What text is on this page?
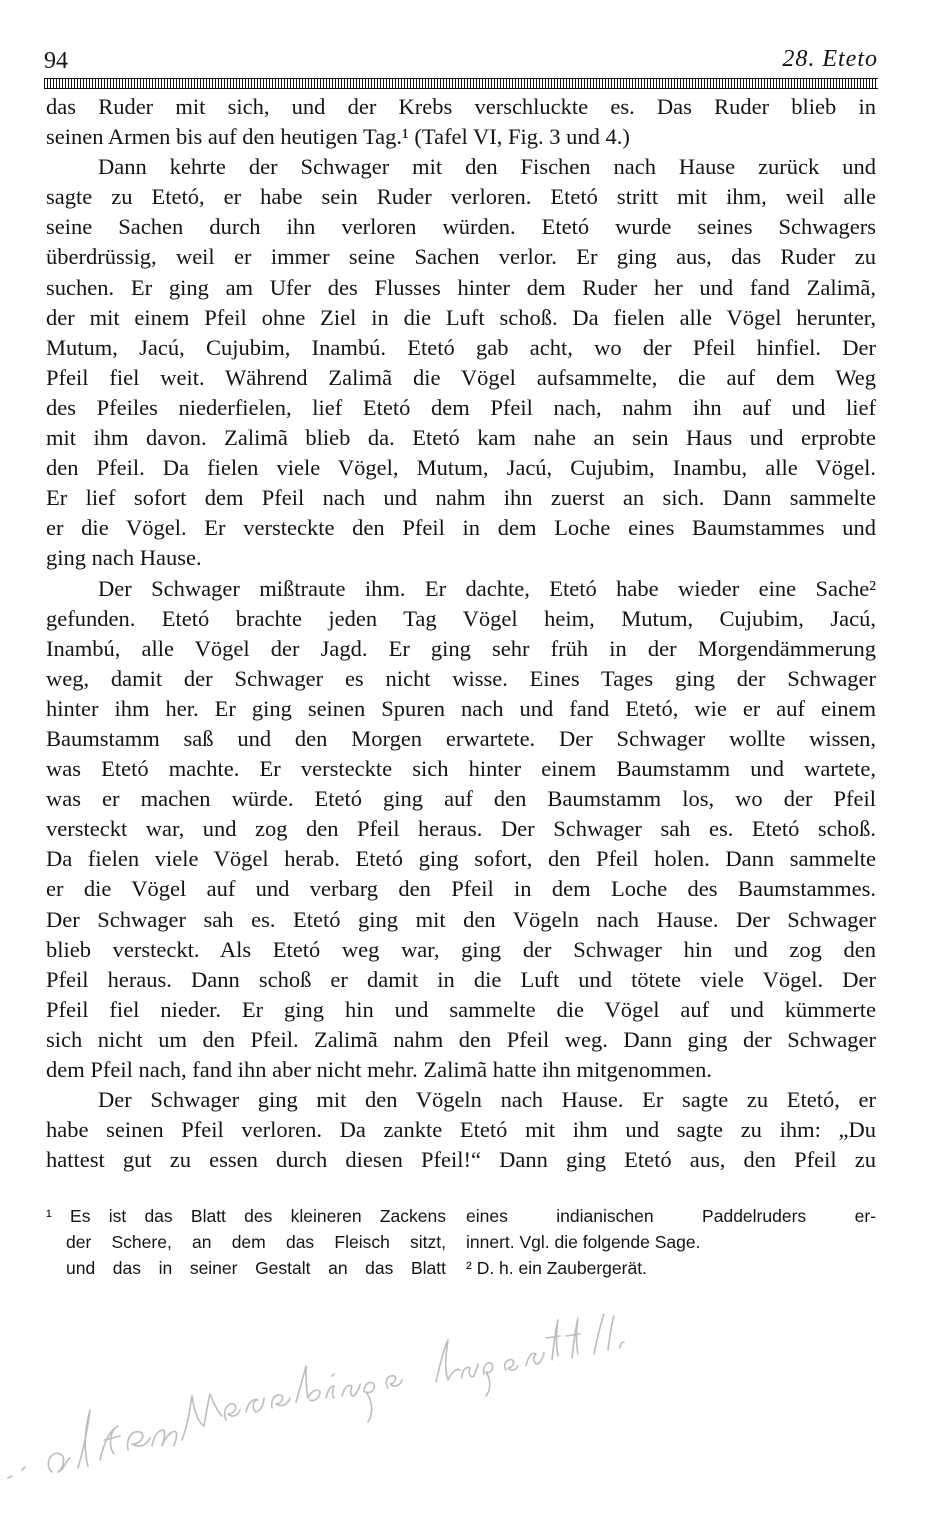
94	28. Eteto
das Ruder mit sich, und der Krebs verschluckte es. Das Ruder blieb in
seinen Armen bis auf den heutigen Tag.¹ (Tafel VI, Fig. 3 und 4.)
Dann kehrte der Schwager mit den Fischen nach Hause zurück und
sagte zu Etetó, er habe sein Ruder verloren. Etetó stritt mit ihm, weil alle
seine Sachen durch ihn verloren würden. Etetó wurde seines Schwagers
überdrüssig, weil er immer seine Sachen verlor. Er ging aus, das Ruder zu
suchen. Er ging am Ufer des Flusses hinter dem Ruder her und fand Zalimã,
der mit einem Pfeil ohne Ziel in die Luft schoß. Da fielen alle Vögel herunter,
Mutum, Jacú, Cujubim, Inambú. Etetó gab acht, wo der Pfeil hinfiel. Der
Pfeil fiel weit. Während Zalimã die Vögel aufsammelte, die auf dem Weg
des Pfeiles niederfielen, lief Etetó dem Pfeil nach, nahm ihn auf und lief
mit ihm davon. Zalimã blieb da. Etetó kam nahe an sein Haus und erprobte
den Pfeil. Da fielen viele Vögel, Mutum, Jacú, Cujubim, Inambu, alle Vögel.
Er lief sofort dem Pfeil nach und nahm ihn zuerst an sich. Dann sammelte
er die Vögel. Er versteckte den Pfeil in dem Loche eines Baumstammes und
ging nach Hause.
Der Schwager mißtraute ihm. Er dachte, Etetó habe wieder eine Sache²
gefunden. Etetó brachte jeden Tag Vögel heim, Mutum, Cujubim, Jacú,
Inambú, alle Vögel der Jagd. Er ging sehr früh in der Morgendämmerung
weg, damit der Schwager es nicht wisse. Eines Tages ging der Schwager
hinter ihm her. Er ging seinen Spuren nach und fand Etetó, wie er auf einem
Baumstamm saß und den Morgen erwartete. Der Schwager wollte wissen,
was Etetó machte. Er versteckte sich hinter einem Baumstamm und wartete,
was er machen würde. Etetó ging auf den Baumstamm los, wo der Pfeil
versteckt war, und zog den Pfeil heraus. Der Schwager sah es. Etetó schoß.
Da fielen viele Vögel herab. Etetó ging sofort, den Pfeil holen. Dann sammelte
er die Vögel auf und verbarg den Pfeil in dem Loche des Baumstammes.
Der Schwager sah es. Etetó ging mit den Vögeln nach Hause. Der Schwager
blieb versteckt. Als Etetó weg war, ging der Schwager hin und zog den
Pfeil heraus. Dann schoß er damit in die Luft und tötete viele Vögel. Der
Pfeil fiel nieder. Er ging hin und sammelte die Vögel auf und kümmerte
sich nicht um den Pfeil. Zalimã nahm den Pfeil weg. Dann ging der Schwager
dem Pfeil nach, fand ihn aber nicht mehr. Zalimã hatte ihn mitgenommen.
Der Schwager ging mit den Vögeln nach Hause. Er sagte zu Etetó, er
habe seinen Pfeil verloren. Da zankte Etetó mit ihm und sagte zu ihm: „Du
hattest gut zu essen durch diesen Pfeil!“ Dann ging Etetó aus, den Pfeil zu
¹ Es ist das Blatt des kleineren Zackens
der Schere, an dem das Fleisch sitzt,
und das in seiner Gestalt an das Blatt
eines indianischen Paddelruders er-
innert. Vgl. die folgende Sage.
² D. h. ein Zaubergerät.
